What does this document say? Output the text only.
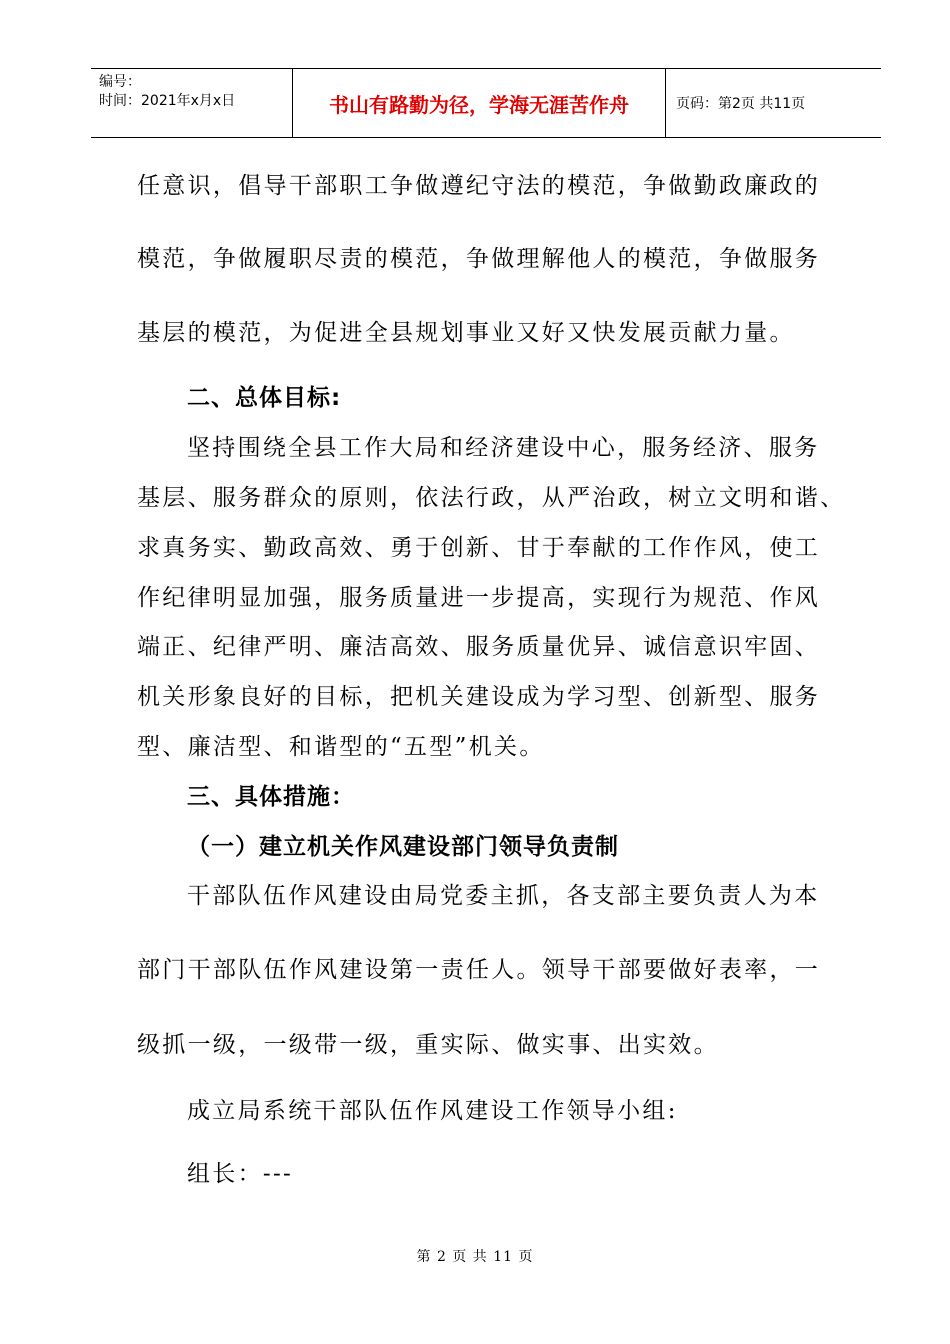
编号：
时间：2021年x月x日	书山有路勤为径，学海无涯苦作舟	页码：第2页 共11页
任意识，倡导干部职工争做遵纪守法的模范，争做勤政廉政的
模范，争做履职尽责的模范，争做理解他人的模范，争做服务
基层的模范，为促进全县规划事业又好又快发展贡献力量。
二、总体目标:
坚持围绕全县工作大局和经济建设中心，服务经济、服务
基层、服务群众的原则，依法行政，从严治政，树立文明和谐、
求真务实、勤政高效、勇于创新、甘于奉献的工作作风，使工
作纪律明显加强，服务质量进一步提高，实现行为规范、作风
端正、纪律严明、廉洁高效、服务质量优异、诚信意识牢固、
机关形象良好的目标，把机关建设成为学习型、创新型、服务
型、廉洁型、和谐型的“五型”机关。
三、具体措施：
（一）建立机关作风建设部门领导负责制
干部队伍作风建设由局党委主抓，各支部主要负责人为本
部门干部队伍作风建设第一责任人。领导干部要做好表率，一
级抓一级，一级带一级，重实际、做实事、出实效。
成立局系统干部队伍作风建设工作领导小组:
组长：---
第 2 页 共 11 页
